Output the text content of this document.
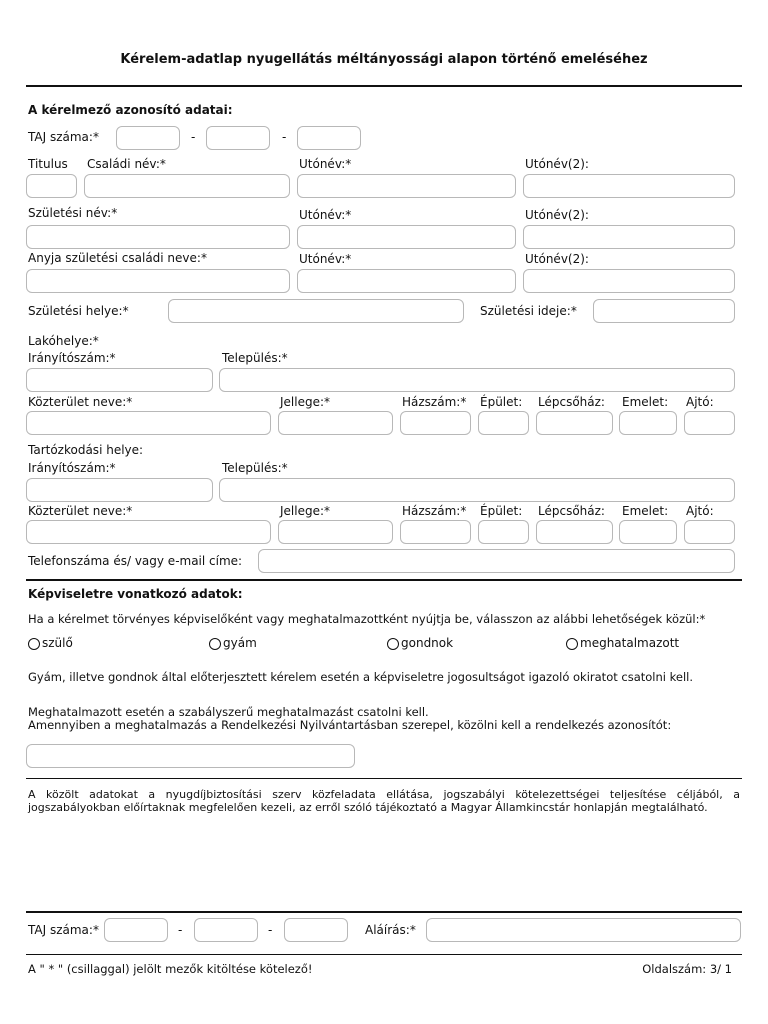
Kérelem-adatlap nyugellátás méltányossági alapon történő emeléséhez
A kérelmező azonosító adatai:
TAJ száma:*	-	-
Titulus Családi név:*	Utónév:*	Utónév(2):
Születési név:*	Utónév:*	Utónév(2):
Anyja születési családi neve:*	Utónév:*	Utónév(2):
Születési helye:*	Születési ideje:*
Lakóhelye:*
Irányítószám:*	Település:*
Közterület neve:*	Jellege:*	Házszám:* Épület: Lépcsőház: Emelet: Ajtó:
Tartózkodási helye:
Irányítószám:*	Település:*
Közterület neve:*	Jellege:*	Házszám:* Épület: Lépcsőház: Emelet: Ajtó:
Telefonszáma és/ vagy e-mail címe:
Képviseletre vonatkozó adatok:
Ha a kérelmet törvényes képviselőként vagy meghatalmazottként nyújtja be, válasszon az alábbi lehetőségek közül:*
szülő	gyám	gondnok	meghatalmazott
Gyám, illetve gondnok által előterjesztett kérelem esetén a képviseletre jogosultságot igazoló okiratot csatolni kell.
Meghatalmazott esetén a szabályszerű meghatalmazást csatolni kell.
Amennyiben a meghatalmazás a Rendelkezési Nyilvántartásban szerepel, közölni kell a rendelkezés azonosítót:
A közölt adatokat a nyugdíjbiztosítási szerv közfeladata ellátása, jogszabályi kötelezettségei teljesítése céljából, a jogszabályokban előírtaknak megfelelően kezeli, az erről szóló tájékoztató a Magyar Államkincstár honlapján megtalálható.
TAJ száma:*	-	-	Aláírás:*
A " * " (csillaggal) jelölt mezők kitöltése kötelező!	Oldalszám: 3/ 1
